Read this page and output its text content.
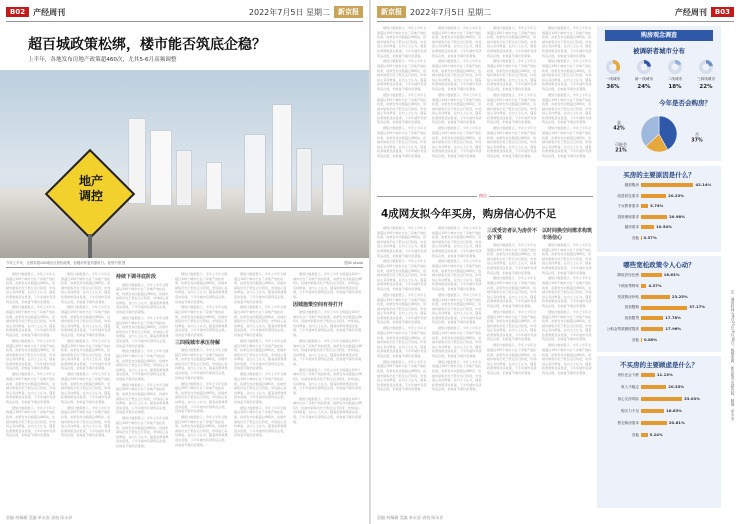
B02	产经周刊	2022年7月5日 星期二	新京报
超百城政策松绑，楼市能否筑底企稳？
上半年，各地发布房地产政策超460次，尤其5-6月高频调整
地产
调控
今年上半年，全国有超100城出台放松政策，但楼市恢复仍需时日。视觉中国 图	图/IC photo

据统计数据显示，今年上半年全国超过100个城市出台了房地产放松政策，政策发布次数超过460次，但楼市销售仍处于低位运行阶段，市场信心有待修复。业内人士认为，随着政策效果逐步显现，下半年楼市有望筑底企稳，但恢复节奏仍需观察。

据统计数据显示，今年上半年全国超过100个城市出台了房地产放松政策，政策发布次数超过460次，但楼市销售仍处于低位运行阶段，市场信心有待修复。业内人士认为，随着政策效果逐步显现，下半年楼市有望筑底企稳，但恢复节奏仍需观察。

据统计数据显示，今年上半年全国超过100个城市出台了房地产放松政策，政策发布次数超过460次，但楼市销售仍处于低位运行阶段，市场信心有待修复。业内人士认为，随着政策效果逐步显现，下半年楼市有望筑底企稳，但恢复节奏仍需观察。

据统计数据显示，今年上半年全国超过100个城市出台了房地产放松政策，政策发布次数超过460次，但楼市销售仍处于低位运行阶段，市场信心有待修复。业内人士认为，随着政策效果逐步显现，下半年楼市有望筑底企稳，但恢复节奏仍需观察。

据统计数据显示，今年上半年全国超过100个城市出台了房地产放松政策，政策发布次数超过460次，但楼市销售仍处于低位运行阶段，市场信心有待修复。业内人士认为，随着政策效果逐步显现，下半年楼市有望筑底企稳，但恢复节奏仍需观察。

据统计数据显示，今年上半年全国超过100个城市出台了房地产放松政策，政策发布次数超过460次，但楼市销售仍处于低位运行阶段，市场信心有待修复。业内人士认为，随着政策效果逐步显现，下半年楼市有望筑底企稳，但恢复节奏仍需观察。

据统计数据显示，今年上半年全国超过100个城市出台了房地产放松政策，政策发布次数超过460次，但楼市销售仍处于低位运行阶段，市场信心有待修复。业内人士认为，随着政策效果逐步显现，下半年楼市有望筑底企稳，但恢复节奏仍需观察。

据统计数据显示，今年上半年全国超过100个城市出台了房地产放松政策，政策发布次数超过460次，但楼市销售仍处于低位运行阶段，市场信心有待修复。业内人士认为，随着政策效果逐步显现，下半年楼市有望筑底企稳，但恢复节奏仍需观察。

据统计数据显示，今年上半年全国超过100个城市出台了房地产放松政策，政策发布次数超过460次，但楼市销售仍处于低位运行阶段，市场信心有待修复。业内人士认为，随着政策效果逐步显现，下半年楼市有望筑底企稳，但恢复节奏仍需观察。

据统计数据显示，今年上半年全国超过100个城市出台了房地产放松政策，政策发布次数超过460次，但楼市销售仍处于低位运行阶段，市场信心有待修复。业内人士认为，随着政策效果逐步显现，下半年楼市有望筑底企稳，但恢复节奏仍需观察。

持续下调寻底阶段

据统计数据显示，今年上半年全国超过100个城市出台了房地产放松政策，政策发布次数超过460次，但楼市销售仍处于低位运行阶段，市场信心有待修复。业内人士认为，随着政策效果逐步显现，下半年楼市有望筑底企稳，但恢复节奏仍需观察。

据统计数据显示，今年上半年全国超过100个城市出台了房地产放松政策，政策发布次数超过460次，但楼市销售仍处于低位运行阶段，市场信心有待修复。业内人士认为，随着政策效果逐步显现，下半年楼市有望筑底企稳，但恢复节奏仍需观察。

据统计数据显示，今年上半年全国超过100个城市出台了房地产放松政策，政策发布次数超过460次，但楼市销售仍处于低位运行阶段，市场信心有待修复。业内人士认为，随着政策效果逐步显现，下半年楼市有望筑底企稳，但恢复节奏仍需观察。

据统计数据显示，今年上半年全国超过100个城市出台了房地产放松政策，政策发布次数超过460次，但楼市销售仍处于低位运行阶段，市场信心有待修复。业内人士认为，随着政策效果逐步显现，下半年楼市有望筑底企稳，但恢复节奏仍需观察。

据统计数据显示，今年上半年全国超过100个城市出台了房地产放松政策，政策发布次数超过460次，但楼市销售仍处于低位运行阶段，市场信心有待修复。业内人士认为，随着政策效果逐步显现，下半年楼市有望筑底企稳，但恢复节奏仍需观察。

据统计数据显示，今年上半年全国超过100个城市出台了房地产放松政策，政策发布次数超过460次，但楼市销售仍处于低位运行阶段，市场信心有待修复。业内人士认为，随着政策效果逐步显现，下半年楼市有望筑底企稳，但恢复节奏仍需观察。

据统计数据显示，今年上半年全国超过100个城市出台了房地产放松政策，政策发布次数超过460次，但楼市销售仍处于低位运行阶段，市场信心有待修复。业内人士认为，随着政策效果逐步显现，下半年楼市有望筑底企稳，但恢复节奏仍需观察。

三四线城市承压待解

据统计数据显示，今年上半年全国超过100个城市出台了房地产放松政策，政策发布次数超过460次，但楼市销售仍处于低位运行阶段，市场信心有待修复。业内人士认为，随着政策效果逐步显现，下半年楼市有望筑底企稳，但恢复节奏仍需观察。

据统计数据显示，今年上半年全国超过100个城市出台了房地产放松政策，政策发布次数超过460次，但楼市销售仍处于低位运行阶段，市场信心有待修复。业内人士认为，随着政策效果逐步显现，下半年楼市有望筑底企稳，但恢复节奏仍需观察。

据统计数据显示，今年上半年全国超过100个城市出台了房地产放松政策，政策发布次数超过460次，但楼市销售仍处于低位运行阶段，市场信心有待修复。业内人士认为，随着政策效果逐步显现，下半年楼市有望筑底企稳，但恢复节奏仍需观察。

据统计数据显示，今年上半年全国超过100个城市出台了房地产放松政策，政策发布次数超过460次，但楼市销售仍处于低位运行阶段，市场信心有待修复。业内人士认为，随着政策效果逐步显现，下半年楼市有望筑底企稳，但恢复节奏仍需观察。

据统计数据显示，今年上半年全国超过100个城市出台了房地产放松政策，政策发布次数超过460次，但楼市销售仍处于低位运行阶段，市场信心有待修复。业内人士认为，随着政策效果逐步显现，下半年楼市有望筑底企稳，但恢复节奏仍需观察。

据统计数据显示，今年上半年全国超过100个城市出台了房地产放松政策，政策发布次数超过460次，但楼市销售仍处于低位运行阶段，市场信心有待修复。业内人士认为，随着政策效果逐步显现，下半年楼市有望筑底企稳，但恢复节奏仍需观察。

据统计数据显示，今年上半年全国超过100个城市出台了房地产放松政策，政策发布次数超过460次，但楼市销售仍处于低位运行阶段，市场信心有待修复。业内人士认为，随着政策效果逐步显现，下半年楼市有望筑底企稳，但恢复节奏仍需观察。

据统计数据显示，今年上半年全国超过100个城市出台了房地产放松政策，政策发布次数超过460次，但楼市销售仍处于低位运行阶段，市场信心有待修复。业内人士认为，随着政策效果逐步显现，下半年楼市有望筑底企稳，但恢复节奏仍需观察。

据统计数据显示，今年上半年全国超过100个城市出台了房地产放松政策，政策发布次数超过460次，但楼市销售仍处于低位运行阶段，市场信心有待修复。业内人士认为，随着政策效果逐步显现，下半年楼市有望筑底企稳，但恢复节奏仍需观察。

因城施策空间有待打开

据统计数据显示，今年上半年全国超过100个城市出台了房地产放松政策，政策发布次数超过460次，但楼市销售仍处于低位运行阶段，市场信心有待修复。业内人士认为，随着政策效果逐步显现，下半年楼市有望筑底企稳，但恢复节奏仍需观察。

据统计数据显示，今年上半年全国超过100个城市出台了房地产放松政策，政策发布次数超过460次，但楼市销售仍处于低位运行阶段，市场信心有待修复。业内人士认为，随着政策效果逐步显现，下半年楼市有望筑底企稳，但恢复节奏仍需观察。

据统计数据显示，今年上半年全国超过100个城市出台了房地产放松政策，政策发布次数超过460次，但楼市销售仍处于低位运行阶段，市场信心有待修复。业内人士认为，随着政策效果逐步显现，下半年楼市有望筑底企稳，但恢复节奏仍需观察。

据统计数据显示，今年上半年全国超过100个城市出台了房地产放松政策，政策发布次数超过460次，但楼市销售仍处于低位运行阶段，市场信心有待修复。业内人士认为，随着政策效果逐步显现，下半年楼市有望筑底企稳，但恢复节奏仍需观察。

责编 何佩珊 美编 单永安 责校 陈永祥
新京报	2022年7月5日 星期二	产经周刊	B03

据统计数据显示，今年上半年全国超过100个城市出台了房地产放松政策，政策发布次数超过460次，但楼市销售仍处于低位运行阶段，市场信心有待修复。业内人士认为，随着政策效果逐步显现，下半年楼市有望筑底企稳，但恢复节奏仍需观察。

据统计数据显示，今年上半年全国超过100个城市出台了房地产放松政策，政策发布次数超过460次，但楼市销售仍处于低位运行阶段，市场信心有待修复。业内人士认为，随着政策效果逐步显现，下半年楼市有望筑底企稳，但恢复节奏仍需观察。

据统计数据显示，今年上半年全国超过100个城市出台了房地产放松政策，政策发布次数超过460次，但楼市销售仍处于低位运行阶段，市场信心有待修复。业内人士认为，随着政策效果逐步显现，下半年楼市有望筑底企稳，但恢复节奏仍需观察。

据统计数据显示，今年上半年全国超过100个城市出台了房地产放松政策，政策发布次数超过460次，但楼市销售仍处于低位运行阶段，市场信心有待修复。业内人士认为，随着政策效果逐步显现，下半年楼市有望筑底企稳，但恢复节奏仍需观察。

据统计数据显示，今年上半年全国超过100个城市出台了房地产放松政策，政策发布次数超过460次，但楼市销售仍处于低位运行阶段，市场信心有待修复。业内人士认为，随着政策效果逐步显现，下半年楼市有望筑底企稳，但恢复节奏仍需观察。

据统计数据显示，今年上半年全国超过100个城市出台了房地产放松政策，政策发布次数超过460次，但楼市销售仍处于低位运行阶段，市场信心有待修复。业内人士认为，随着政策效果逐步显现，下半年楼市有望筑底企稳，但恢复节奏仍需观察。

据统计数据显示，今年上半年全国超过100个城市出台了房地产放松政策，政策发布次数超过460次，但楼市销售仍处于低位运行阶段，市场信心有待修复。业内人士认为，随着政策效果逐步显现，下半年楼市有望筑底企稳，但恢复节奏仍需观察。

据统计数据显示，今年上半年全国超过100个城市出台了房地产放松政策，政策发布次数超过460次，但楼市销售仍处于低位运行阶段，市场信心有待修复。业内人士认为，随着政策效果逐步显现，下半年楼市有望筑底企稳，但恢复节奏仍需观察。

据统计数据显示，今年上半年全国超过100个城市出台了房地产放松政策，政策发布次数超过460次，但楼市销售仍处于低位运行阶段，市场信心有待修复。业内人士认为，随着政策效果逐步显现，下半年楼市有望筑底企稳，但恢复节奏仍需观察。

据统计数据显示，今年上半年全国超过100个城市出台了房地产放松政策，政策发布次数超过460次，但楼市销售仍处于低位运行阶段，市场信心有待修复。业内人士认为，随着政策效果逐步显现，下半年楼市有望筑底企稳，但恢复节奏仍需观察。

据统计数据显示，今年上半年全国超过100个城市出台了房地产放松政策，政策发布次数超过460次，但楼市销售仍处于低位运行阶段，市场信心有待修复。业内人士认为，随着政策效果逐步显现，下半年楼市有望筑底企稳，但恢复节奏仍需观察。

据统计数据显示，今年上半年全国超过100个城市出台了房地产放松政策，政策发布次数超过460次，但楼市销售仍处于低位运行阶段，市场信心有待修复。业内人士认为，随着政策效果逐步显现，下半年楼市有望筑底企稳，但恢复节奏仍需观察。

据统计数据显示，今年上半年全国超过100个城市出台了房地产放松政策，政策发布次数超过460次，但楼市销售仍处于低位运行阶段，市场信心有待修复。业内人士认为，随着政策效果逐步显现，下半年楼市有望筑底企稳，但恢复节奏仍需观察。

据统计数据显示，今年上半年全国超过100个城市出台了房地产放松政策，政策发布次数超过460次，但楼市销售仍处于低位运行阶段，市场信心有待修复。业内人士认为，随着政策效果逐步显现，下半年楼市有望筑底企稳，但恢复节奏仍需观察。

据统计数据显示，今年上半年全国超过100个城市出台了房地产放松政策，政策发布次数超过460次，但楼市销售仍处于低位运行阶段，市场信心有待修复。业内人士认为，随着政策效果逐步显现，下半年楼市有望筑底企稳，但恢复节奏仍需观察。

据统计数据显示，今年上半年全国超过100个城市出台了房地产放松政策，政策发布次数超过460次，但楼市销售仍处于低位运行阶段，市场信心有待修复。业内人士认为，随着政策效果逐步显现，下半年楼市有望筑底企稳，但恢复节奏仍需观察。

热点
4成网友拟今年买房，购房信心仍不足

据统计数据显示，今年上半年全国超过100个城市出台了房地产放松政策，政策发布次数超过460次，但楼市销售仍处于低位运行阶段，市场信心有待修复。业内人士认为，随着政策效果逐步显现，下半年楼市有望筑底企稳，但恢复节奏仍需观察。

据统计数据显示，今年上半年全国超过100个城市出台了房地产放松政策，政策发布次数超过460次，但楼市销售仍处于低位运行阶段，市场信心有待修复。业内人士认为，随着政策效果逐步显现，下半年楼市有望筑底企稳，但恢复节奏仍需观察。

据统计数据显示，今年上半年全国超过100个城市出台了房地产放松政策，政策发布次数超过460次，但楼市销售仍处于低位运行阶段，市场信心有待修复。业内人士认为，随着政策效果逐步显现，下半年楼市有望筑底企稳，但恢复节奏仍需观察。

据统计数据显示，今年上半年全国超过100个城市出台了房地产放松政策，政策发布次数超过460次，但楼市销售仍处于低位运行阶段，市场信心有待修复。业内人士认为，随着政策效果逐步显现，下半年楼市有望筑底企稳，但恢复节奏仍需观察。

据统计数据显示，今年上半年全国超过100个城市出台了房地产放松政策，政策发布次数超过460次，但楼市销售仍处于低位运行阶段，市场信心有待修复。业内人士认为，随着政策效果逐步显现，下半年楼市有望筑底企稳，但恢复节奏仍需观察。

据统计数据显示，今年上半年全国超过100个城市出台了房地产放松政策，政策发布次数超过460次，但楼市销售仍处于低位运行阶段，市场信心有待修复。业内人士认为，随着政策效果逐步显现，下半年楼市有望筑底企稳，但恢复节奏仍需观察。

据统计数据显示，今年上半年全国超过100个城市出台了房地产放松政策，政策发布次数超过460次，但楼市销售仍处于低位运行阶段，市场信心有待修复。业内人士认为，随着政策效果逐步显现，下半年楼市有望筑底企稳，但恢复节奏仍需观察。

据统计数据显示，今年上半年全国超过100个城市出台了房地产放松政策，政策发布次数超过460次，但楼市销售仍处于低位运行阶段，市场信心有待修复。业内人士认为，随着政策效果逐步显现，下半年楼市有望筑底企稳，但恢复节奏仍需观察。

据统计数据显示，今年上半年全国超过100个城市出台了房地产放松政策，政策发布次数超过460次，但楼市销售仍处于低位运行阶段，市场信心有待修复。业内人士认为，随着政策效果逐步显现，下半年楼市有望筑底企稳，但恢复节奏仍需观察。

据统计数据显示，今年上半年全国超过100个城市出台了房地产放松政策，政策发布次数超过460次，但楼市销售仍处于低位运行阶段，市场信心有待修复。业内人士认为，随着政策效果逐步显现，下半年楼市有望筑底企稳，但恢复节奏仍需观察。

三成受访者认为房价不会下跌

据统计数据显示，今年上半年全国超过100个城市出台了房地产放松政策，政策发布次数超过460次，但楼市销售仍处于低位运行阶段，市场信心有待修复。业内人士认为，随着政策效果逐步显现，下半年楼市有望筑底企稳，但恢复节奏仍需观察。

据统计数据显示，今年上半年全国超过100个城市出台了房地产放松政策，政策发布次数超过460次，但楼市销售仍处于低位运行阶段，市场信心有待修复。业内人士认为，随着政策效果逐步显现，下半年楼市有望筑底企稳，但恢复节奏仍需观察。

据统计数据显示，今年上半年全国超过100个城市出台了房地产放松政策，政策发布次数超过460次，但楼市销售仍处于低位运行阶段，市场信心有待修复。业内人士认为，随着政策效果逐步显现，下半年楼市有望筑底企稳，但恢复节奏仍需观察。

据统计数据显示，今年上半年全国超过100个城市出台了房地产放松政策，政策发布次数超过460次，但楼市销售仍处于低位运行阶段，市场信心有待修复。业内人士认为，随着政策效果逐步显现，下半年楼市有望筑底企稳，但恢复节奏仍需观察。

以时间换空间需求构筑市场信心

据统计数据显示，今年上半年全国超过100个城市出台了房地产放松政策，政策发布次数超过460次，但楼市销售仍处于低位运行阶段，市场信心有待修复。业内人士认为，随着政策效果逐步显现，下半年楼市有望筑底企稳，但恢复节奏仍需观察。

据统计数据显示，今年上半年全国超过100个城市出台了房地产放松政策，政策发布次数超过460次，但楼市销售仍处于低位运行阶段，市场信心有待修复。业内人士认为，随着政策效果逐步显现，下半年楼市有望筑底企稳，但恢复节奏仍需观察。

据统计数据显示，今年上半年全国超过100个城市出台了房地产放松政策，政策发布次数超过460次，但楼市销售仍处于低位运行阶段，市场信心有待修复。业内人士认为，随着政策效果逐步显现，下半年楼市有望筑底企稳，但恢复节奏仍需观察。

据统计数据显示，今年上半年全国超过100个城市出台了房地产放松政策，政策发布次数超过460次，但楼市销售仍处于低位运行阶段，市场信心有待修复。业内人士认为，随着政策效果逐步显现，下半年楼市有望筑底企稳，但恢复节奏仍需观察。

购房观念调查
被调研者城市分布
一线城市
36%
新一线城市
24%
二线城市
18%
三四线城市
22%
今年是否会购房？
是
42%
可能会
21%
否
37%
买房的主要原因是什么？
刚需购房	42.14%
改善居住需求	20.23%
子女教育需求	5.74%
投资理财需求	20.98%
婚房需求	10.54%
其他 0.37%
哪些宽松政策令人心动？
降低首付比例	16.63%
下调房贷利率 4.37%
发放购房补贴	23.25%
放松限购	37.17%
放松限贷	17.78%
公积金贷款额度提高	17.96%
其他 0.80%
不买房的主要顾虑是什么？
房价还会下跌	11.13%
收入不稳定	20.33%
担心交房风险	33.03%
购买力不足	18.63%
暂无购房需求	20.81%
其他	5.24%
注：调查时间为6月23日-6月30日，数据来源：新京报贝壳研究院，制图：单永安
责编 何佩珊 美编 单永安 责校 陈永祥
